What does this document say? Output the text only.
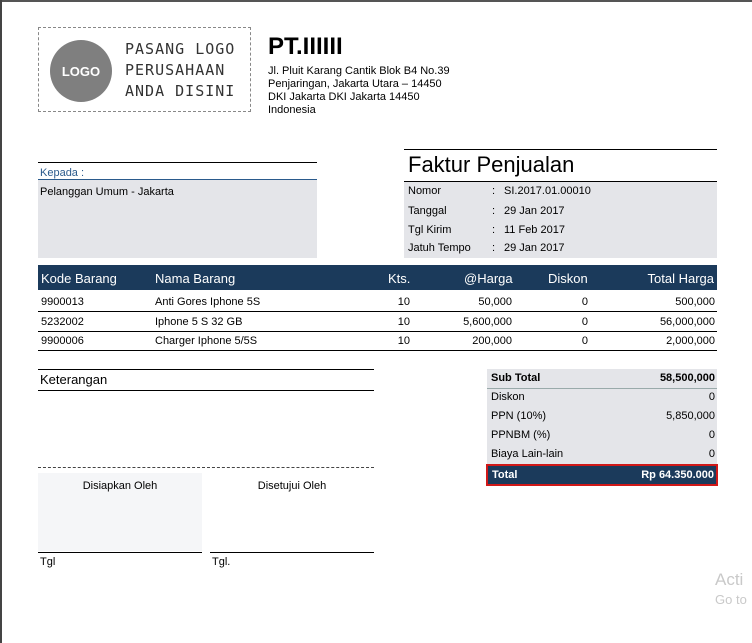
LOGO
PASANG LOGO
PERUSAHAAN
ANDA DISINI
PT.IIIIII
Jl. Pluit Karang Cantik Blok B4 No.39
Penjaringan, Jakarta Utara – 14450
DKI Jakarta DKI Jakarta 14450
Indonesia
Kepada :
Pelanggan Umum - Jakarta
Faktur Penjualan
Nomor	: SI.2017.01.00010
Tanggal	: 29 Jan 2017
Tgl Kirim	: 11 Feb 2017
Jatuh Tempo : 29 Jan 2017
Kode Barang	Nama Barang	Kts.	@Harga	Diskon	Total Harga
9900013	Anti Gores Iphone 5S	10	50,000	0	500,000
5232002	Iphone 5 S 32 GB	10	5,600,000	0	56,000,000
9900006	Charger Iphone 5/5S	10	200,000	0	2,000,000
Keterangan
Disiapkan Oleh	Disetujui Oleh
Tgl	Tgl.
Sub Total	58,500,000
Diskon	0
PPN (10%)	5,850,000
PPNBM (%)	0
Biaya Lain-lain	0
Total	Rp 64.350.000
Acti
Go to
